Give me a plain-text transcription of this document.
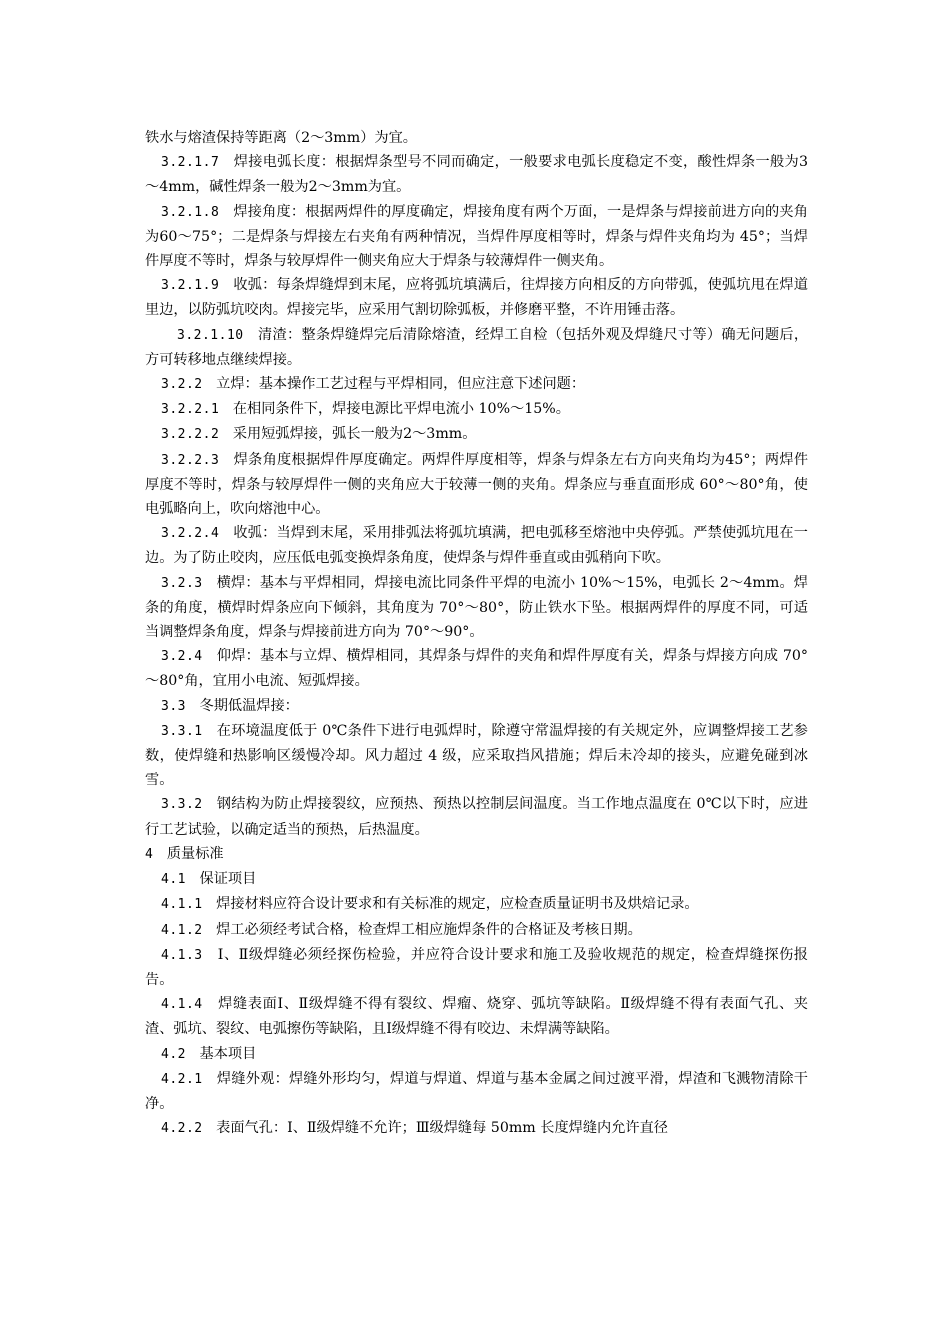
铁水与熔渣保持等距离（2～3mm）为宜。

3.2.1.7 焊接电弧长度：根据焊条型号不同而确定，一般要求电弧长度稳定不变，酸性焊条一般为3～4mm，碱性焊条一般为2～3mm为宜。

3.2.1.8 焊接角度：根据两焊件的厚度确定，焊接角度有两个万面，一是焊条与焊接前进方向的夹角为60～75°；二是焊条与焊接左右夹角有两种情况，当焊件厚度相等时，焊条与焊件夹角均为 45°；当焊件厚度不等时，焊条与较厚焊件一侧夹角应大于焊条与较薄焊件一侧夹角。

3.2.1.9 收弧：每条焊缝焊到末尾，应将弧坑填满后，往焊接方向相反的方向带弧，使弧坑甩在焊道里边，以防弧坑咬肉。焊接完毕，应采用气割切除弧板，并修磨平整，不许用锤击落。

3.2.1.10 清渣：整条焊缝焊完后清除熔渣，经焊工自检（包括外观及焊缝尺寸等）确无问题后，方可转移地点继续焊接。

3.2.2 立焊：基本操作工艺过程与平焊相同，但应注意下述问题：

3.2.2.1 在相同条件下，焊接电源比平焊电流小 10%～15%。

3.2.2.2 采用短弧焊接，弧长一般为2～3mm。

3.2.2.3 焊条角度根据焊件厚度确定。两焊件厚度相等，焊条与焊条左右方向夹角均为45°；两焊件厚度不等时，焊条与较厚焊件一侧的夹角应大于较薄一侧的夹角。焊条应与垂直面形成 60°～80°角，使电弧略向上，吹向熔池中心。

3.2.2.4 收弧：当焊到末尾，采用排弧法将弧坑填满，把电弧移至熔池中央停弧。严禁使弧坑甩在一边。为了防止咬肉，应压低电弧变换焊条角度，使焊条与焊件垂直或由弧稍向下吹。

3.2.3 横焊：基本与平焊相同，焊接电流比同条件平焊的电流小 10%～15%，电弧长 2～4mm。焊条的角度，横焊时焊条应向下倾斜，其角度为 70°～80°，防止铁水下坠。根据两焊件的厚度不同，可适当调整焊条角度，焊条与焊接前进方向为 70°～90°。

3.2.4 仰焊：基本与立焊、横焊相同，其焊条与焊件的夹角和焊件厚度有关，焊条与焊接方向成 70°～80°角，宜用小电流、短弧焊接。

3.3 冬期低温焊接：

3.3.1 在环境温度低于 0℃条件下进行电弧焊时，除遵守常温焊接的有关规定外，应调整焊接工艺参数，使焊缝和热影响区缓慢冷却。风力超过 4 级，应采取挡风措施；焊后未冷却的接头，应避免碰到冰雪。

3.3.2 钢结构为防止焊接裂纹，应预热、预热以控制层间温度。当工作地点温度在 0℃以下时，应进行工艺试验，以确定适当的预热，后热温度。

4 质量标准

4.1 保证项目

4.1.1 焊接材料应符合设计要求和有关标准的规定，应检查质量证明书及烘焙记录。

4.1.2 焊工必须经考试合格，检查焊工相应施焊条件的合格证及考核日期。

4.1.3 Ⅰ、Ⅱ级焊缝必须经探伤检验，并应符合设计要求和施工及验收规范的规定，检查焊缝探伤报告。

4.1.4 焊缝表面Ⅰ、Ⅱ级焊缝不得有裂纹、焊瘤、烧穿、弧坑等缺陷。Ⅱ级焊缝不得有表面气孔、夹渣、弧坑、裂纹、电弧擦伤等缺陷，且Ⅰ级焊缝不得有咬边、未焊满等缺陷。

4.2 基本项目

4.2.1 焊缝外观：焊缝外形均匀，焊道与焊道、焊道与基本金属之间过渡平滑，焊渣和飞溅物清除干净。

4.2.2 表面气孔：Ⅰ、Ⅱ级焊缝不允许；Ⅲ级焊缝每 50mm 长度焊缝内允许直径
